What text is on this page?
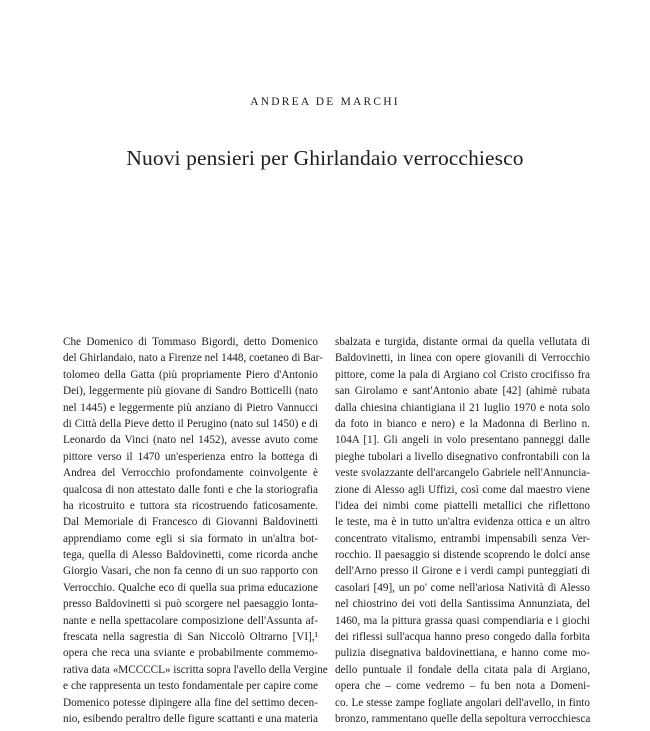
ANDREA DE MARCHI
Nuovi pensieri per Ghirlandaio verrocchiesco
Che Domenico di Tommaso Bigordi, detto Domenico
del Ghirlandaio, nato a Firenze nel 1448, coetaneo di Bar-
tolomeo della Gatta (più propriamente Piero d'Antonio
Dei), leggermente più giovane di Sandro Botticelli (nato
nel 1445) e leggermente più anziano di Pietro Vannucci
di Città della Pieve detto il Perugino (nato sul 1450) e di
Leonardo da Vinci (nato nel 1452), avesse avuto come
pittore verso il 1470 un'esperienza entro la bottega di
Andrea del Verrocchio profondamente coinvolgente è
qualcosa di non attestato dalle fonti e che la storiografia
ha ricostruito e tuttora sta ricostruendo faticosamente.
Dal Memoriale di Francesco di Giovanni Baldovinetti
apprendiamo come egli si sia formato in un'altra bot-
tega, quella di Alesso Baldovinetti, come ricorda anche
Giorgio Vasari, che non fa cenno di un suo rapporto con
Verrocchio. Qualche eco di quella sua prima educazione
presso Baldovinetti si può scorgere nel paesaggio lonta-
nante e nella spettacolare composizione dell'Assunta af-
frescata nella sagrestia di San Niccolò Oltrarno [VI],¹
opera che reca una sviante e probabilmente commemo-
rativa data «MCCCCL» iscritta sopra l'avello della Vergine
e che rappresenta un testo fondamentale per capire come
Domenico potesse dipingere alla fine del settimo decen-
nio, esibendo peraltro delle figure scattanti e una materia
sbalzata e turgida, distante ormai da quella vellutata di
Baldovinetti, in linea con opere giovanili di Verrocchio
pittore, come la pala di Argiano col Cristo crocifisso fra
san Girolamo e sant'Antonio abate [42] (ahimè rubata
dalla chiesina chiantigiana il 21 luglio 1970 e nota solo
da foto in bianco e nero) e la Madonna di Berlino n.
104A [1]. Gli angeli in volo presentano panneggi dalle
pieghe tubolari a livello disegnativo confrontabili con la
veste svolazzante dell'arcangelo Gabriele nell'Annuncia-
zione di Alesso agli Uffizi, così come dal maestro viene
l'idea dei nimbi come piattelli metallici che riflettono
le teste, ma è in tutto un'altra evidenza ottica e un altro
concentrato vitalismo, entrambi impensabili senza Ver-
rocchio. Il paesaggio si distende scoprendo le dolci anse
dell'Arno presso il Girone e i verdi campi punteggiati di
casolari [49], un po' come nell'ariosa Natività di Alesso
nel chiostrino dei voti della Santissima Annunziata, del
1460, ma la pittura grassa quasi compendiaria e i giochi
dei riflessi sull'acqua hanno preso congedo dalla forbita
pulizia disegnativa baldovinettiana, e hanno come mo-
dello puntuale il fondale della citata pala di Argiano,
opera che – come vedremo – fu ben nota a Domeni-
co. Le stesse zampe fogliate angolari dell'avello, in finto
bronzo, rammentano quelle della sepoltura verrocchiesca
